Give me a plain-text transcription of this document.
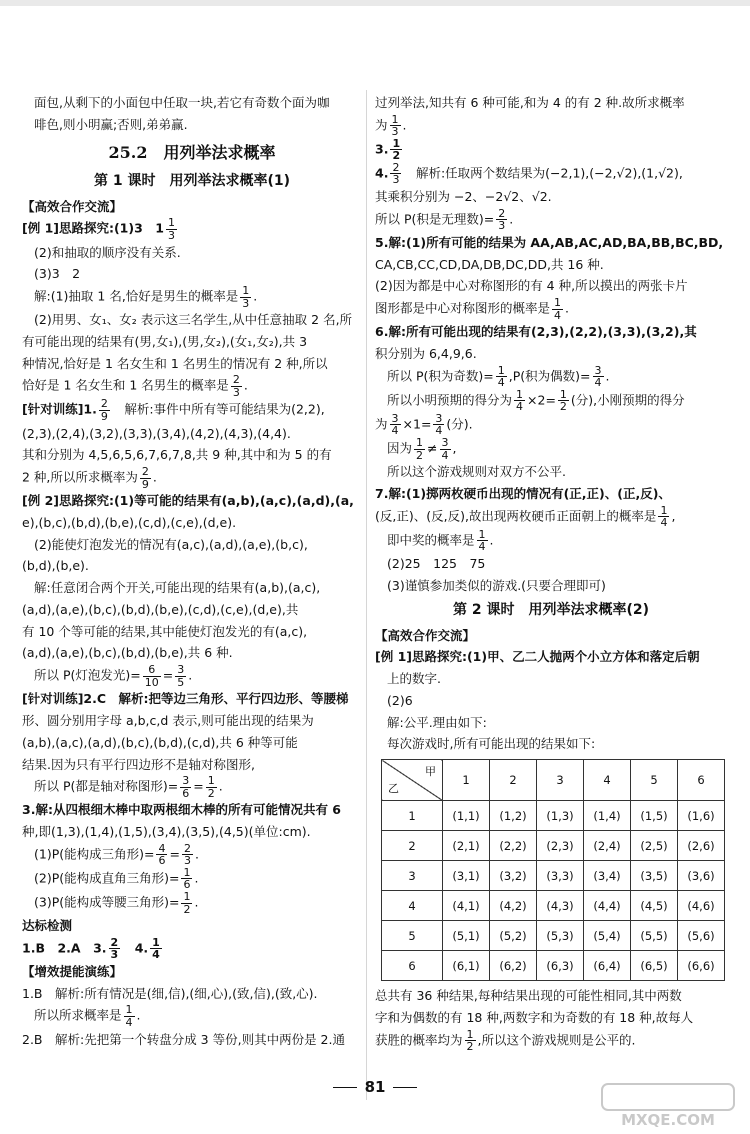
面包,从剩下的小面包中任取一块,若它有奇数个面为咖

啡色,则小明赢;否则,弟弟赢.

25.2　用列举法求概率

第 1 课时　用列举法求概率(1)

【高效合作交流】

[例 1]思路探究:(1)3　$1 \frac{1}{3}$

(2)和抽取的顺序没有关系.

(3)3　2

解:(1)抽取 1 名,恰好是男生的概率是 $\frac{1}{3}$ .

(2)用男、女₁、女₂ 表示这三名学生,从中任意抽取 2 名,所

有可能出现的结果有(男,女₁),(男,女₂),(女₁,女₂),共 3

种情况,恰好是 1 名女生和 1 名男生的情况有 2 种,所以

恰好是 1 名女生和 1 名男生的概率是 $\frac{2}{3}$ .

[针对训练]1. $\frac{2}{9}$ 　解析:事件中所有等可能结果为(2,2),

(2,3),(2,4),(3,2),(3,3),(3,4),(4,2),(4,3),(4,4).

其和分别为 4,5,6,5,6,7,6,7,8,共 9 种,其中和为 5 的有

2 种,所以所求概率为 $\frac{2}{9}$ .

[例 2]思路探究:(1)等可能的结果有(a,b),(a,c),(a,d),(a,

e),(b,c),(b,d),(b,e),(c,d),(c,e),(d,e).

(2)能使灯泡发光的情况有(a,c),(a,d),(a,e),(b,c),

(b,d),(b,e).

解:任意闭合两个开关,可能出现的结果有(a,b),(a,c),

(a,d),(a,e),(b,c),(b,d),(b,e),(c,d),(c,e),(d,e),共

有 10 个等可能的结果,其中能使灯泡发光的有(a,c),

(a,d),(a,e),(b,c),(b,d),(b,e),共 6 种.

所以 P(灯泡发光)= $\frac{6}{10} = \frac{3}{5}$ .

[针对训练]2.C　解析:把等边三角形、平行四边形、等腰梯

形、圆分别用字母 a,b,c,d 表示,则可能出现的结果为

(a,b),(a,c),(a,d),(b,c),(b,d),(c,d),共 6 种等可能

结果.因为只有平行四边形不是轴对称图形,

所以 P(都是轴对称图形)= $\frac{3}{6} = \frac{1}{2}$ .

3.解:从四根细木棒中取两根细木棒的所有可能情况共有 6

种,即(1,3),(1,4),(1,5),(3,4),(3,5),(4,5)(单位:cm).

(1)P(能构成三角形)= $\frac{4}{6} = \frac{2}{3}$ .

(2)P(能构成直角三角形)= $\frac{1}{6}$ .

(3)P(能构成等腰三角形)= $\frac{1}{2}$ .

达标检测

1.B　2.A　3. $\frac{2}{3}$ 　4. $\frac{1}{4}$

【增效提能演练】

1.B　解析:所有情况是(细,信),(细,心),(致,信),(致,心).

所以所求概率是 $\frac{1}{4}$ .

2.B　解析:先把第一个转盘分成 3 等份,则其中两份是 2.通

过列举法,知共有 6 种可能,和为 4 的有 2 种.故所求概率

为 $\frac{1}{3}$ .

3. $\frac{1}{2}$

4. $\frac{2}{3}$ 　解析:任取两个数结果为(−2,1),(−2,√2),(1,√2),

其乘积分别为 −2、−2√2、√2.

所以 P(积是无理数)= $\frac{2}{3}$ .

5.解:(1)所有可能的结果为 AA,AB,AC,AD,BA,BB,BC,BD,

CA,CB,CC,CD,DA,DB,DC,DD,共 16 种.

(2)因为都是中心对称图形的有 4 种,所以摸出的两张卡片

图形都是中心对称图形的概率是 $\frac{1}{4}$ .

6.解:所有可能出现的结果有(2,3),(2,2),(3,3),(3,2),其

积分别为 6,4,9,6.

所以 P(积为奇数)= $\frac{1}{4} ,P$(积为偶数)= $\frac{3}{4}$ .

所以小明预期的得分为 $\frac{1}{4} \times 2= \frac{1}{2}$ (分),小刚预期的得分

为 $\frac{3}{4} \times 1= \frac{3}{4}$ (分).

因为 $\frac{1}{2} \ne \frac{3}{4}$ ,

所以这个游戏规则对双方不公平.

7.解:(1)掷两枚硬币出现的情况有(正,正)、(正,反)、

(反,正)、(反,反),故出现两枚硬币正面朝上的概率是 $\frac{1}{4}$ ,

即中奖的概率是 $\frac{1}{4}$ .

(2)25　125　75

(3)谨慎参加类似的游戏.(只要合理即可)

第 2 课时　用列举法求概率(2)

【高效合作交流】

[例 1]思路探究:(1)甲、乙二人抛两个小立方体和落定后朝

上的数字.

(2)6

解:公平.理由如下:

每次游戏时,所有可能出现的结果如下:

甲
乙	1	2	3	4	5	6
1	(1,1)	(1,2)	(1,3)	(1,4)	(1,5)	(1,6)
2	(2,1)	(2,2)	(2,3)	(2,4)	(2,5)	(2,6)
3	(3,1)	(3,2)	(3,3)	(3,4)	(3,5)	(3,6)
4	(4,1)	(4,2)	(4,3)	(4,4)	(4,5)	(4,6)
5	(5,1)	(5,2)	(5,3)	(5,4)	(5,5)	(5,6)
6	(6,1)	(6,2)	(6,3)	(6,4)	(6,5)	(6,6)

总共有 36 种结果,每种结果出现的可能性相同,其中两数

字和为偶数的有 18 种,两数字和为奇数的有 18 种,故每人

获胜的概率均为 $\frac{1}{2}$ ,所以这个游戏规则是公平的.

81
MXQE.COM
